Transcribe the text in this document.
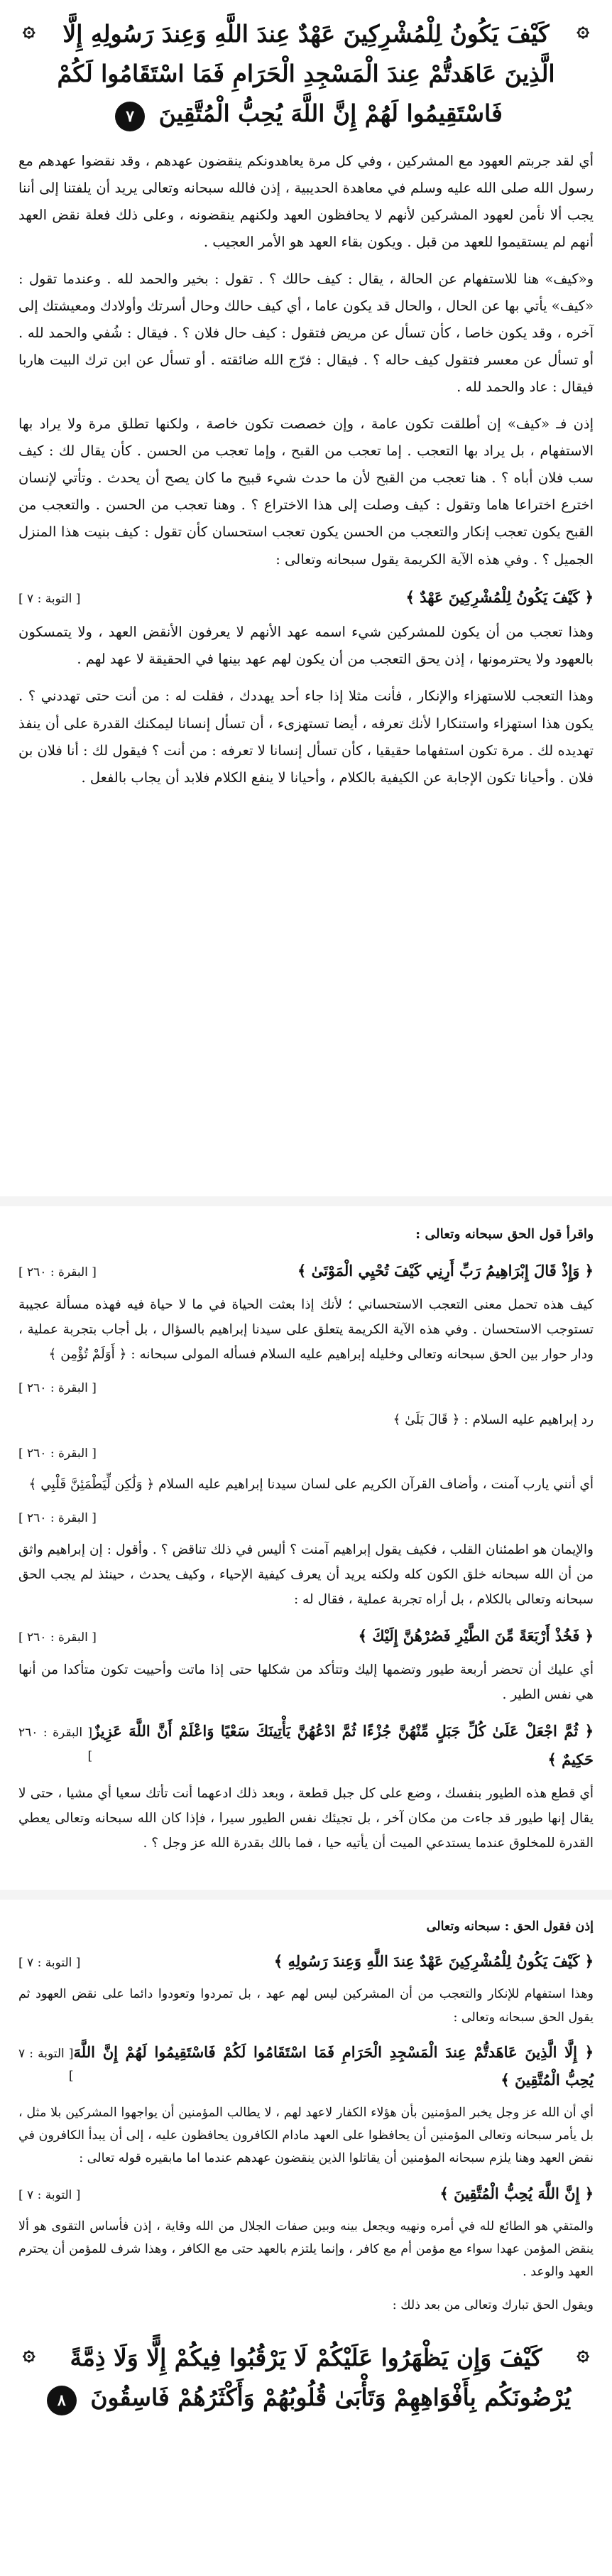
۞
۞ كَيْفَ يَكُونُ لِلْمُشْرِكِينَ عَهْدٌ عِندَ اللَّهِ وَعِندَ رَسُولِهِ إِلَّا الَّذِينَ عَاهَدتُّمْ عِندَ الْمَسْجِدِ الْحَرَامِ فَمَا اسْتَقَامُوا لَكُمْ فَاسْتَقِيمُوا لَهُمْ إِنَّ اللَّهَ يُحِبُّ الْمُتَّقِينَ ٧

أي لقد جربتم العهود مع المشركين ، وفي كل مرة يعاهدونكم ينقضون عهدهم ، وقد نقضوا عهدهم مع رسول الله صلى الله عليه وسلم في معاهدة الحديبية ، إذن فالله سبحانه وتعالى يريد أن يلفتنا إلى أننا يجب ألا نأمن لعهود المشركين لأنهم لا يحافظون العهد ولكنهم ينقضونه ، وعلى ذلك فعلة نقض العهد أنهم لم يستقيموا للعهد من قبل . ويكون بقاء العهد هو الأمر العجيب .

و«كيف» هنا للاستفهام عن الحالة ، يقال : كيف حالك ؟ . تقول : بخير والحمد لله . وعندما تقول : «كيف» يأتي بها عن الحال ، والحال قد يكون عاما ، أي كيف حالك وحال أسرتك وأولادك ومعيشتك إلى آخره ، وقد يكون خاصا ، كأن تسأل عن مريض فتقول : كيف حال فلان ؟ . فيقال : شُفي والحمد لله . أو تسأل عن معسر فتقول كيف حاله ؟ . فيقال : فرّج الله ضائقته . أو تسأل عن ابن ترك البيت هاربا فيقال : عاد والحمد لله .

إذن فـ «كيف» إن أطلقت تكون عامة ، وإن خصصت تكون خاصة ، ولكنها تطلق مرة ولا يراد بها الاستفهام ، بل يراد بها التعجب . إما تعجب من القبح ، وإما تعجب من الحسن . كأن يقال لك : كيف سب فلان أباه ؟ . هنا تعجب من القبح لأن ما حدث شيء قبيح ما كان يصح أن يحدث . وتأتي لإنسان اخترع اختراعا هاما وتقول : كيف وصلت إلى هذا الاختراع ؟ . وهنا تعجب من الحسن . والتعجب من القبح يكون تعجب إنكار والتعجب من الحسن يكون تعجب استحسان كأن تقول : كيف بنيت هذا المنزل الجميل ؟ . وفي هذه الآية الكريمة يقول سبحانه وتعالى :

﴿ كَيْفَ يَكُونُ لِلْمُشْرِكِينَ عَهْدٌ ﴾
[ التوبة : ٧ ]

وهذا تعجب من أن يكون للمشركين شيء اسمه عهد الأنهم لا يعرفون الأنقض العهد ، ولا يتمسكون بالعهود ولا يحترمونها ، إذن يحق التعجب من أن يكون لهم عهد بينها في الحقيقة لا عهد لهم .

وهذا التعجب للاستهزاء والإنكار ، فأنت مثلا إذا جاء أحد يهددك ، فقلت له : من أنت حتى تهددني ؟ . يكون هذا استهزاء واستنكارا لأنك تعرفه ، أيضا تستهزىء ، أن تسأل إنسانا ليمكنك القدرة على أن ينفذ تهديده لك . مرة تكون استفهاما حقيقيا ، كأن تسأل إنسانا لا تعرفه : من أنت ؟ فيقول لك : أنا فلان بن فلان . وأحيانا تكون الإجابة عن الكيفية بالكلام ، وأحيانا لا ينفع الكلام فلابد أن يجاب بالفعل .

واقرأ قول الحق سبحانه وتعالى :

﴿ وَإِذْ قَالَ إِبْرَاهِيمُ رَبِّ أَرِنِي كَيْفَ تُحْيِي الْمَوْتَىٰ ﴾
[ البقرة : ٢٦٠ ]

كيف هذه تحمل معنى التعجب الاستحساني ؛ لأنك إذا بعثت الحياة في ما لا حياة فيه فهذه مسألة عجيبة تستوجب الاستحسان . وفي هذه الآية الكريمة يتعلق على سيدنا إبراهيم بالسؤال ، بل أجاب بتجربة عملية ، ودار حوار بين الحق سبحانه وتعالى وخليله إبراهيم عليه السلام فسأله المولى سبحانه : ﴿ أَوَلَمْ تُؤْمِن ﴾

[ البقرة : ٢٦٠ ]

رد إبراهيم عليه السلام : ﴿ قَالَ بَلَىٰ ﴾

[ البقرة : ٢٦٠ ]

أي أنني يارب آمنت ، وأضاف القرآن الكريم على لسان سيدنا إبراهيم عليه السلام ﴿ وَلَٰكِن لِّيَطْمَئِنَّ قَلْبِي ﴾

[ البقرة : ٢٦٠ ]

والإيمان هو اطمئنان القلب ، فكيف يقول إبراهيم آمنت ؟ أليس في ذلك تناقض ؟ . وأقول : إن إبراهيم واثق من أن الله سبحانه خلق الكون كله ولكنه يريد أن يعرف كيفية الإحياء ، وكيف يحدث ، حينئذ لم يجب الحق سبحانه وتعالى بالكلام ، بل أراه تجربة عملية ، فقال له :

﴿ فَخُذْ أَرْبَعَةً مِّنَ الطَّيْرِ فَصُرْهُنَّ إِلَيْكَ ﴾
[ البقرة : ٢٦٠ ]

أي عليك أن تحضر أربعة طيور وتضمها إليك وتتأكد من شكلها حتى إذا ماتت وأحييت تكون متأكدا من أنها هي نفس الطير .

﴿ ثُمَّ اجْعَلْ عَلَىٰ كُلِّ جَبَلٍ مِّنْهُنَّ جُزْءًا ثُمَّ ادْعُهُنَّ يَأْتِينَكَ سَعْيًا وَاعْلَمْ أَنَّ اللَّهَ عَزِيزٌ حَكِيمٌ ﴾
[ البقرة : ٢٦٠ ]

أي قطع هذه الطيور بنفسك ، وضع على كل جبل قطعة ، وبعد ذلك ادعهما أنت تأتك سعيا أي مشيا ، حتى لا يقال إنها طيور قد جاءت من مكان آخر ، بل تجيئك نفس الطيور سيرا ، فإذا كان الله سبحانه وتعالى يعطي القدرة للمخلوق عندما يستدعي الميت أن يأتيه حيا ، فما بالك بقدرة الله عز وجل ؟ .

إذن فقول الحق : سبحانه وتعالى

﴿ كَيْفَ يَكُونُ لِلْمُشْرِكِينَ عَهْدٌ عِندَ اللَّهِ وَعِندَ رَسُولِهِ ﴾
[ التوبة : ٧ ]

وهذا استفهام للإنكار والتعجب من أن المشركين ليس لهم عهد ، بل تمردوا وتعودوا دائما على نقض العهود ثم يقول الحق سبحانه وتعالى :

﴿ إِلَّا الَّذِينَ عَاهَدتُّمْ عِندَ الْمَسْجِدِ الْحَرَامِ فَمَا اسْتَقَامُوا لَكُمْ فَاسْتَقِيمُوا لَهُمْ إِنَّ اللَّهَ يُحِبُّ الْمُتَّقِينَ ﴾
[ التوبة : ٧ ]

أي أن الله عز وجل يخبر المؤمنين بأن هؤلاء الكفار لاعهد لهم ، لا يطالب المؤمنين أن يواجهوا المشركين بلا مثل ، بل يأمر سبحانه وتعالى المؤمنين أن يحافظوا على العهد مادام الكافرون يحافظون عليه ، إلى أن يبدأ الكافرون في نقض العهد وهنا يلزم سبحانه المؤمنين أن يقاتلوا الذين ينقضون عهدهم عندما اما مابقيره قوله تعالى :

﴿ إِنَّ اللَّهَ يُحِبُّ الْمُتَّقِينَ ﴾
[ التوبة : ٧ ]

والمتقي هو الطائع لله في أمره ونهيه ويجعل بينه وبين صفات الجلال من الله وقاية ، إذن فأساس التقوى هو ألا ينقض المؤمن عهدا سواء مع مؤمن أم مع كافر ، وإنما يلتزم بالعهد حتى مع الكافر ، وهذا شرف للمؤمن أن يحترم العهد والوعد .

ويقول الحق تبارك وتعالى من بعد ذلك :

۞
۞ كَيْفَ وَإِن يَظْهَرُوا عَلَيْكُمْ لَا يَرْقُبُوا فِيكُمْ إِلًّا وَلَا ذِمَّةً يُرْضُونَكُم بِأَفْوَاهِهِمْ وَتَأْبَىٰ قُلُوبُهُمْ وَأَكْثَرُهُمْ فَاسِقُونَ ٨
